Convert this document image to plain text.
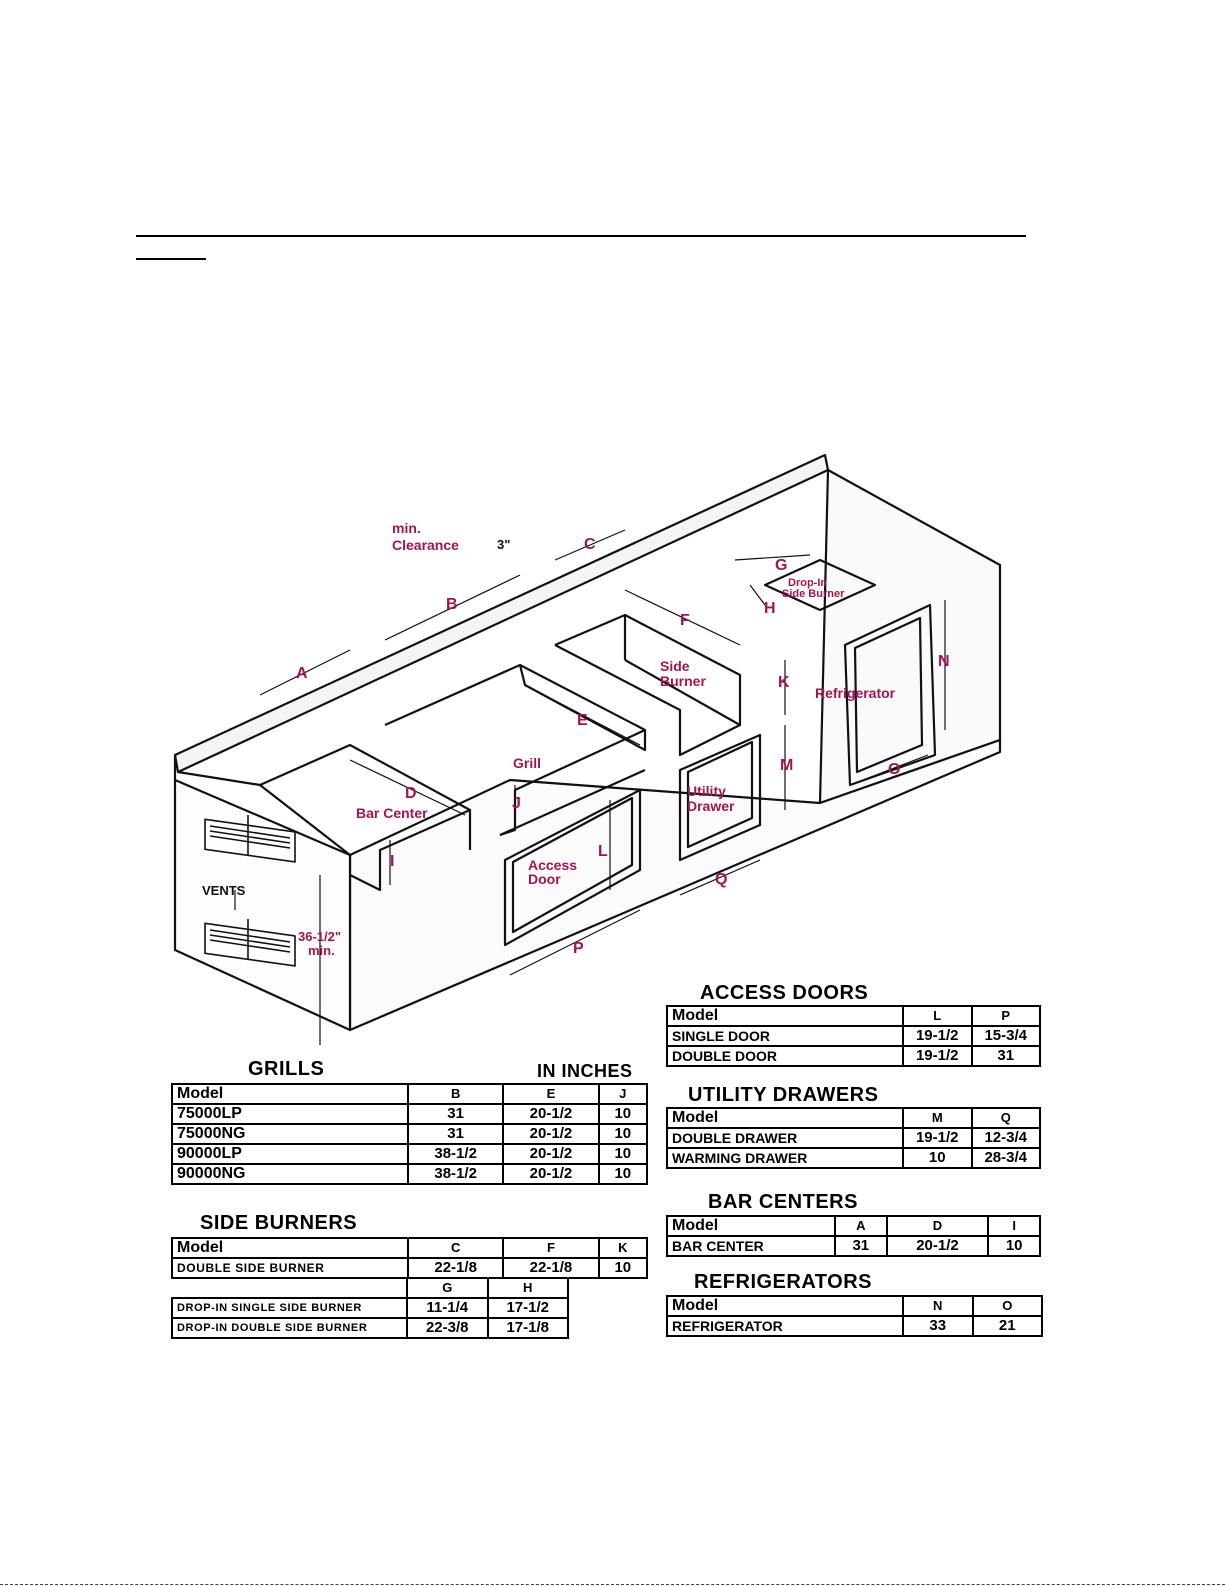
min.
Clearance	3"	C
G
Drop-In
Side Burner
H
B
F
N
Side
Burner
A
K
Refrigerator
E
M
Grill	O
Utility
Drawer
D
J
Bar Center
L
I	Access
Door	Q
VENTS
36-1/2"
min.	P
GRILLS	IN INCHES
Model	B	E	J
75000LP	31	20-1/2	10
75000NG	31	20-1/2	10
90000LP	38-1/2	20-1/2	10
90000NG	38-1/2	20-1/2	10
SIDE BURNERS
Model	C	F	K
DOUBLE SIDE BURNER	22-1/8	22-1/8	10
	G	H
DROP-IN SINGLE SIDE BURNER	11-1/4	17-1/2
DROP-IN DOUBLE SIDE BURNER	22-3/8	17-1/8
ACCESS DOORS
Model	L	P
SINGLE DOOR	19-1/2	15-3/4
DOUBLE DOOR	19-1/2	31
UTILITY DRAWERS
Model	M	Q
DOUBLE DRAWER	19-1/2	12-3/4
WARMING DRAWER	10	28-3/4
BAR CENTERS
Model	A	D	I
BAR CENTER	31	20-1/2	10
REFRIGERATORS
Model	N	O
REFRIGERATOR	33	21
